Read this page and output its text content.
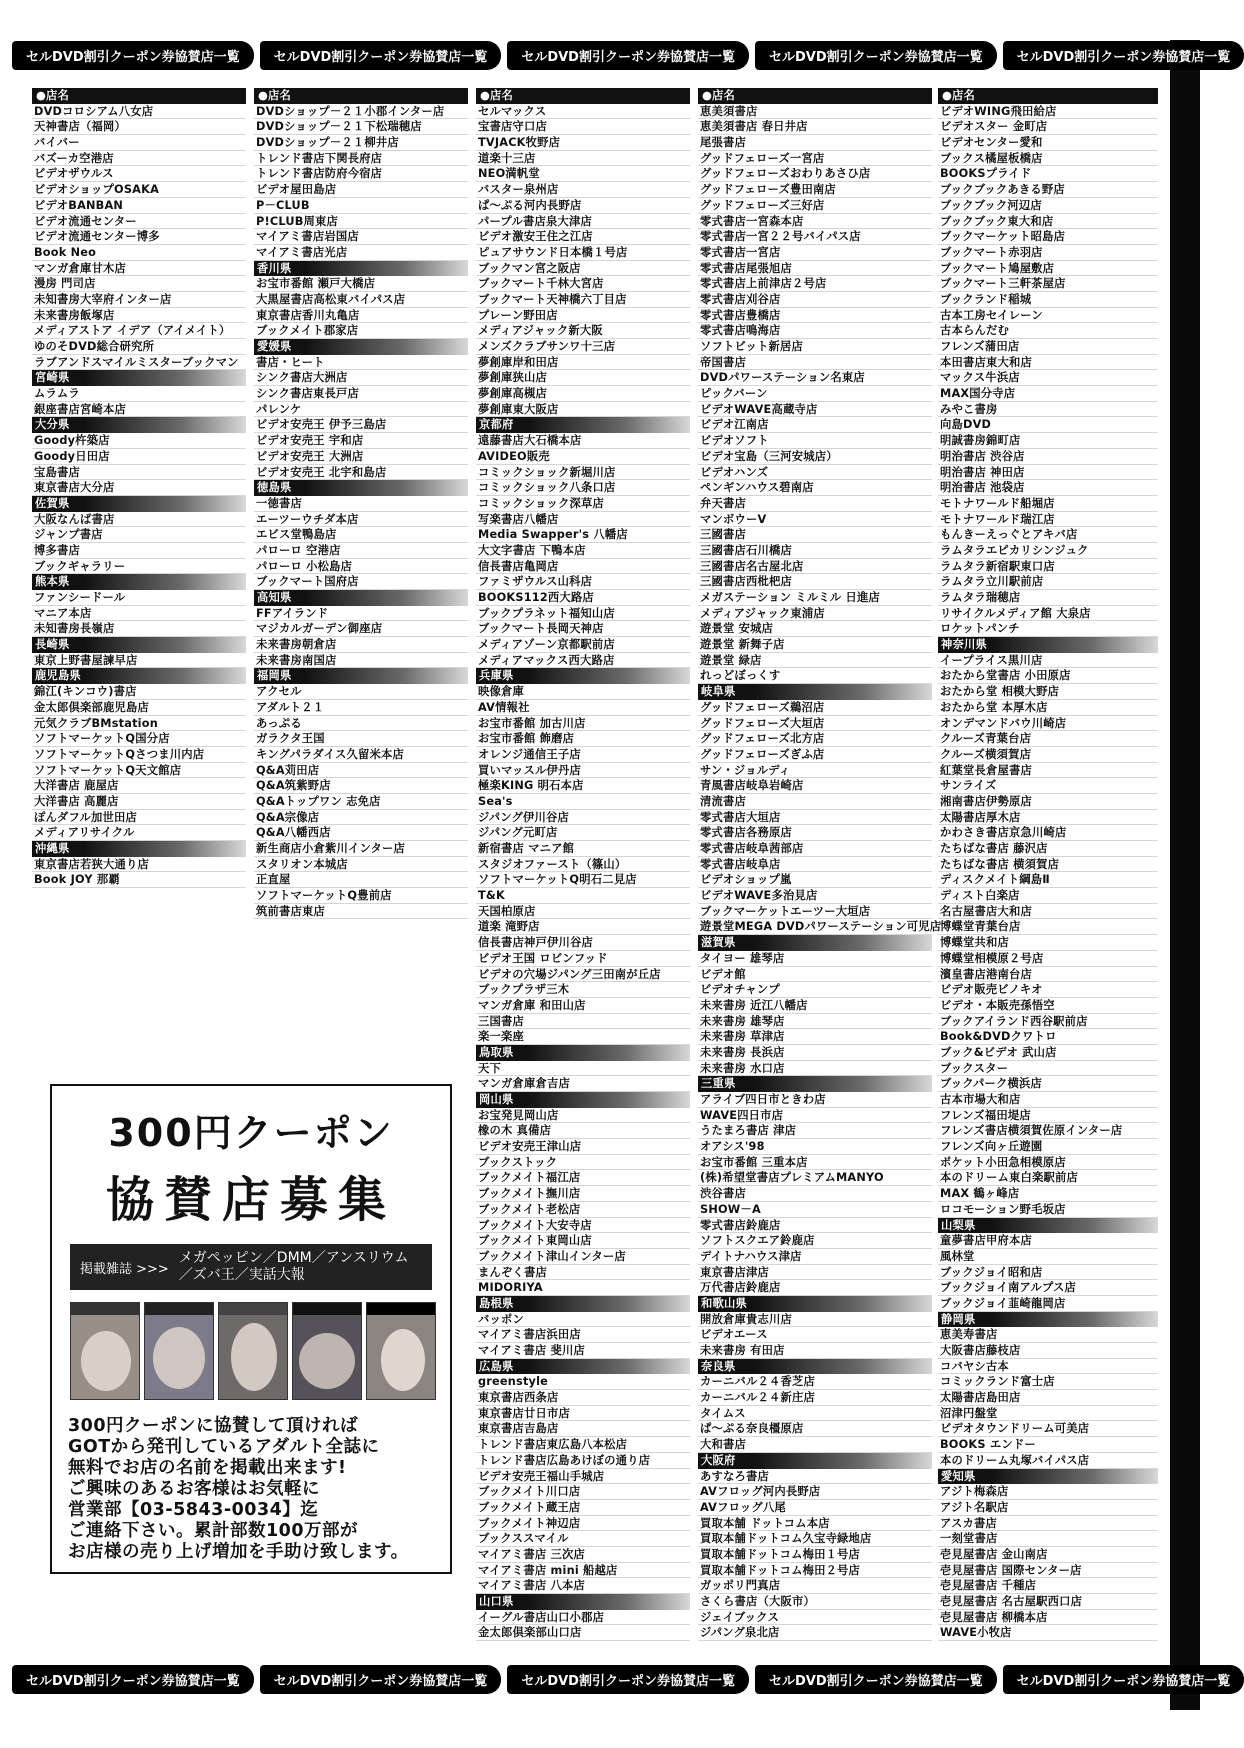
セルDVD割引クーポン券協賛店一覧	セルDVD割引クーポン券協賛店一覧	セルDVD割引クーポン券協賛店一覧	セルDVD割引クーポン券協賛店一覧	セルDVD割引クーポン券協賛店一覧
●店名
DVDコロシアム八女店
天神書店（福岡）
バイバー
バズーカ空港店
ビデオザウルス
ビデオショップOSAKA
ビデオBANBAN
ビデオ流通センター
ビデオ流通センター博多
Book Neo
マンガ倉庫甘木店
漫房 門司店
未知書房大宰府インター店
未来書房飯塚店
メディアストア イデア（アイメイト）
ゆのそDVD総合研究所
ラブアンドスマイルミスターブックマン
宮崎県
ムラムラ
銀座書店宮崎本店
大分県
Goody杵築店
Goody日田店
宝島書店
東京書店大分店
佐賀県
大阪なんば書店
ジャンプ書店
博多書店
ブックギャラリー
熊本県
ファンシードール
マニア本店
未知書房長嶺店
長崎県
東京上野書屋諫早店
鹿児島県
錦江(キンコウ)書店
金太郎倶楽部鹿児島店
元気クラブBMstation
ソフトマーケットQ国分店
ソフトマーケットQさつま川内店
ソフトマーケットQ天文館店
大洋書店 鹿屋店
大洋書店 高麗店
ぽんダフル加世田店
メディアリサイクル
沖縄県
東京書店若狭大通り店
Book JOY 那覇
●店名
DVDショップ－２１小郡インター店
DVDショップ－２１下松瑞穂店
DVDショップ－２１柳井店
トレンド書店下関長府店
トレンド書店防府今宿店
ビデオ屋田島店
P－CLUB
P!CLUB周東店
マイアミ書店岩国店
マイアミ書店光店
香川県
お宝市番館 瀬戸大橋店
大黒屋書店高松東バイパス店
東京書店香川丸亀店
ブックメイト郡家店
愛媛県
書店・ヒート
シンク書店大洲店
シンク書店東長戸店
パレンケ
ビデオ安売王 伊予三島店
ビデオ安売王 宇和店
ビデオ安売王 大洲店
ビデオ安売王 北宇和島店
徳島県
一徳書店
エーツーウチダ本店
エビス堂鴨島店
パローロ 空港店
パローロ 小松島店
ブックマート国府店
高知県
FFアイランド
マジカルガーデン御座店
未来書房朝倉店
未来書房南国店
福岡県
アクセル
アダルト２１
あっぷる
ガラクタ王国
キングパラダイス久留米本店
Q&A苅田店
Q&A筑紫野店
Q&Aトップワン 志免店
Q&A宗像店
Q&A八幡西店
新生商店小倉紫川インター店
スタリオン本城店
正直屋
ソフトマーケットQ豊前店
筑前書店東店
●店名
セルマックス
宝書店守口店
TVJACK牧野店
道楽十三店
NEO満帆堂
バスター泉州店
ぱ～ぷる河内長野店
パープル書店泉大津店
ビデオ激安王住之江店
ピュアサウンド日本橋１号店
ブックマン宮之阪店
ブックマート千林大宮店
ブックマート天神橋六丁目店
プレーン野田店
メディアジャック新大阪
メンズクラブサンワ十三店
夢創庫岸和田店
夢創庫狭山店
夢創庫高槻店
夢創庫東大阪店
京都府
遠藤書店大石橋本店
AVIDEO販売
コミックショック新堀川店
コミックショック八条口店
コミックショック深草店
写楽書店八幡店
Media Swapper's 八幡店
大文字書店 下鴨本店
信長書店亀岡店
ファミザウルス山科店
BOOKS112西大路店
ブックプラネット福知山店
ブックマート長岡天神店
メディアゾーン京都駅前店
メディアマックス西大路店
兵庫県
映像倉庫
AV情報社
お宝市番館 加古川店
お宝市番館 飾磨店
オレンジ通信王子店
買いマッスル伊丹店
極楽KING 明石本店
Sea's
ジパング伊川谷店
ジパング元町店
新宿書店 マニア館
スタジオファースト（篠山）
ソフトマーケットQ明石二見店
T&K
天国柏原店
道楽 滝野店
信長書店神戸伊川谷店
ビデオ王国 ロビンフッド
ビデオの穴場ジパング三田南が丘店
ブックプラザ三木
マンガ倉庫 和田山店
三国書店
楽一楽座
鳥取県
天下
マンガ倉庫倉吉店
岡山県
お宝発見岡山店
橡の木 真備店
ビデオ安売王津山店
ブックストック
ブックメイト福江店
ブックメイト撫川店
ブックメイト老松店
ブックメイト大安寺店
ブックメイト東岡山店
ブックメイト津山インター店
まんぞく書店
MIDORIYA
島根県
バッポン
マイアミ書店浜田店
マイアミ書店 斐川店
広島県
greenstyle
東京書店西条店
東京書店廿日市店
東京書店吉島店
トレンド書店東広島八本松店
トレンド書店広島あけぼの通り店
ビデオ安売王福山手城店
ブックメイト川口店
ブックメイト蔵王店
ブックメイト神辺店
ブックススマイル
マイアミ書店 三次店
マイアミ書店 mini 船越店
マイアミ書店 八本店
山口県
イーグル書店山口小郡店
金太郎倶楽部山口店
●店名
恵美須書店
恵美須書店 春日井店
尾張書店
グッドフェローズ一宮店
グッドフェローズおわりあさひ店
グッドフェローズ豊田南店
グッドフェローズ三好店
零式書店一宮森本店
零式書店一宮２２号バイパス店
零式書店一宮店
零式書店尾張旭店
零式書店上前津店２号店
零式書店刈谷店
零式書店豊橋店
零式書店鳴海店
ソフトビット新居店
帝国書店
DVDパワーステーション名東店
ピックバーン
ビデオWAVE高蔵寺店
ビデオ江南店
ビデオソフト
ビデオ宝島（三河安城店）
ビデオハンズ
ペンギンハウス碧南店
弁天書店
マンボウーV
三國書店
三國書店石川橋店
三國書店名古屋北店
三國書店西枇杷店
メガステーション ミルミル 日進店
メディアジャック東浦店
遊景堂 安城店
遊景堂 新舞子店
遊景堂 緑店
れっどぼっくす
岐阜県
グッドフェローズ鵜沼店
グッドフェローズ大垣店
グッドフェローズ北方店
グッドフェローズぎふ店
サン・ジョルディ
青風書店岐阜岩崎店
清流書店
零式書店大垣店
零式書店各務原店
零式書店岐阜茜部店
零式書店岐阜店
ビデオショップ嵐
ビデオWAVE多治見店
ブックマーケットエーツー大垣店
遊景堂MEGA DVDパワーステーション可児店
滋賀県
タイヨー 雄琴店
ビデオ館
ビデオチャンプ
未来書房 近江八幡店
未来書房 雄琴店
未来書房 草津店
未来書房 長浜店
未来書房 水口店
三重県
アライブ四日市ときわ店
WAVE四日市店
うたまろ書店 津店
オアシス'98
お宝市番館 三重本店
(株)希望堂書店プレミアムMANYO
渋谷書店
SHOW－A
零式書店鈴鹿店
ソフトスクエア鈴鹿店
デイトナハウス津店
東京書店津店
万代書店鈴鹿店
和歌山県
開放倉庫貴志川店
ビデオエース
未来書房 有田店
奈良県
カーニバル２４香芝店
カーニバル２４新庄店
タイムス
ぱ～ぷる奈良橿原店
大和書店
大阪府
あすなろ書店
AVフロッグ河内長野店
AVフロッグ八尾
買取本舗 ドットコム本店
買取本舗ドットコム久宝寺緑地店
買取本舗ドットコム梅田１号店
買取本舗ドットコム梅田２号店
ガッポリ門真店
さくら書店（大阪市）
ジェイブックス
ジパング泉北店
●店名
ビデオWING飛田給店
ビデオスター 金町店
ビデオセンター愛和
ブックス橘屋板橋店
BOOKSプライド
ブックブックあきる野店
ブックブック河辺店
ブックブック東大和店
ブックマーケット昭島店
ブックマート赤羽店
ブックマート鳩屋敷店
ブックマート三軒茶屋店
ブックランド稲城
古本工房セイレーン
古本らんだむ
フレンズ蒲田店
本田書店東大和店
マックス牛浜店
MAX国分寺店
みやこ書房
向島DVD
明誠書房錦町店
明治書店 渋谷店
明治書店 神田店
明治書店 池袋店
モトナワールド船堀店
モトナワールド瑞江店
もんきーえっぐとアキバ店
ラムタラエピカリシンジュク
ラムタラ新宿駅東口店
ラムタラ立川駅前店
ラムタラ瑞穂店
リサイクルメディア館 大泉店
ロケットパンチ
神奈川県
イープライス黒川店
おたから堂書店 小田原店
おたから堂 相模大野店
おたから堂 本厚木店
オンデマンドバウ川崎店
クルーズ青葉台店
クルーズ横須賀店
紅葉堂長倉屋書店
サンライズ
湘南書店伊勢原店
太陽書店厚木店
かわさき書店京急川崎店
たちばな書店 藤沢店
たちばな書店 横須賀店
ディスクメイト綱島Ⅱ
ディスト白楽店
名古屋書店大和店
博蝶堂青葉台店
博蝶堂共和店
博蝶堂相模原２号店
濱皇書店港南台店
ビデオ販売ビノキオ
ビデオ・本販売孫悟空
ブックアイランド西谷駅前店
Book&DVDクワトロ
ブック&ビデオ 武山店
ブックスター
ブックパーク横浜店
古本市場大和店
フレンズ福田堤店
フレンズ書店横須賀佐原インター店
フレンズ向ヶ丘遊園
ポケット小田急相模原店
本のドリーム東白楽駅前店
MAX 鶴ヶ峰店
ロコモーション野毛坂店
山梨県
童夢書店甲府本店
風林堂
ブックジョイ昭和店
ブックジョイ南アルプス店
ブックジョイ韮崎龍岡店
静岡県
恵美寿書店
大阪書店藤枝店
コバヤシ古本
コミックランド富士店
太陽書店島田店
沼津円盤堂
ビデオタウンドリーム可美店
BOOKS エンドー
本のドリーム丸塚バイパス店
愛知県
アジト梅森店
アジト名駅店
アスカ書店
一刻堂書店
壱見屋書店 金山南店
壱見屋書店 国際センター店
壱見屋書店 千種店
壱見屋書店 名古屋駅西口店
壱見屋書店 柳橋本店
WAVE小牧店
300円クーポン
協賛店募集
掲載雑誌 >>>
メガペッピン／DMM／アンスリウム
／ズバ王／実話大報
300円クーポンに協賛して頂ければ
GOTから発刊しているアダルト全誌に
無料でお店の名前を掲載出来ます!
ご興味のあるお客様はお気軽に
営業部【03-5843-0034】迄
ご連絡下さい。累計部数100万部が
お店様の売り上げ増加を手助け致します。
セルDVD割引クーポン券協賛店一覧	セルDVD割引クーポン券協賛店一覧	セルDVD割引クーポン券協賛店一覧	セルDVD割引クーポン券協賛店一覧	セルDVD割引クーポン券協賛店一覧
